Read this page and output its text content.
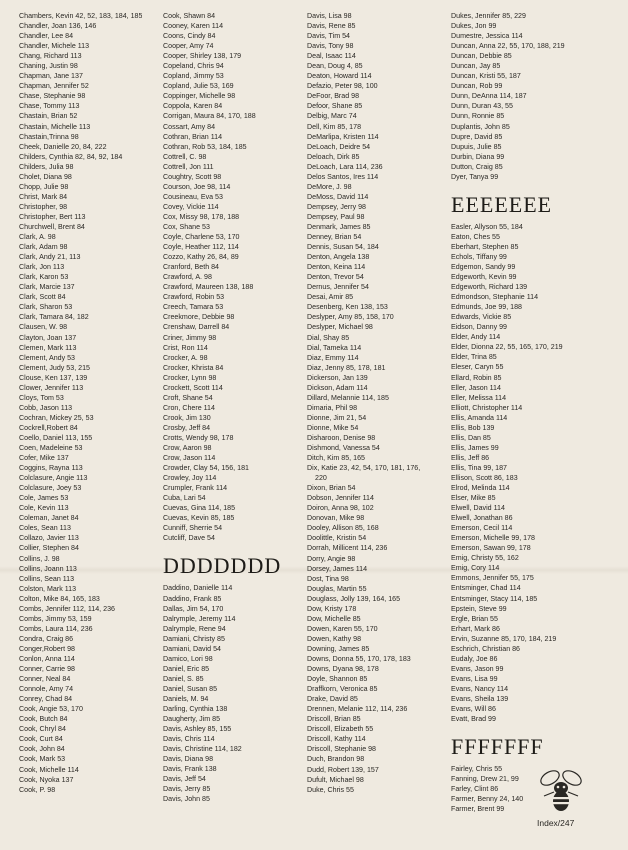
Chambers, Kevin 42, 52, 183, 184, 185
Chandler, Joan 136, 146
Chandler, Lee 84
Chandler, Michele 113
Chang, Richard 113
Chaning, Justin 98
Chapman, Jane 137
Chapman, Jennifer 52
Chase, Stephanie 98
Chase, Tommy 113
Chastain, Brian 52
Chastain, Michelle 113
Chastain,Trinna 98
Cheek, Danielle 20, 84, 222
Childers, Cynthia 82, 84, 92, 184
Childers, Julia 98
Cholet, Diana 98
Chopp, Julie 98
Christ, Mark 84
Christopher, 98
Christopher, Bert 113
Churchwell, Brent 84
Clark, A. 98
Clark, Adam 98
Clark, Andy 21, 113
Clark, Jon 113
Clark, Karon 53
Clark, Marcie 137
Clark, Scott 84
Clark, Sharon 53
Clark, Tamara 84, 182
Clausen, W. 98
Clayton, Joan 137
Clemen, Mark 113
Clement, Andy 53
Clement, Judy 53, 215
Clouse, Ken 137, 139
Clower, Jennifer 113
Cloys, Tom 53
Cobb, Jason 113
Cochran, Mickey 25, 53
Cockrell,Robert 84
Coello, Daniel 113, 155
Coen, Madeleine 53
Cofer, Mike 137
Coggins, Rayna 113
Colclasure, Angie 113
Colclasure, Joey 53
Cole, James 53
Cole, Kevin 113
Coleman, Janet 84
Coles, Sean 113
Collazo, Javier 113
Collier, Stephen 84
Collins, J. 98
Collins, Joann 113
Collins, Sean 113
Colston, Mark 113
Colton, Mike 84, 165, 183
Combs, Jennifer 112, 114, 236
Combs, Jimmy 53, 159
Combs, Laura 114, 236
Condra, Craig 86
Conger,Robert 98
Conlon, Anna 114
Conner, Carrie 98
Conner, Neal 84
Connole, Amy 74
Conrey, Chad 84
Cook, Angie 53, 170
Cook, Butch 84
Cook, Chryl 84
Cook, Curt 84
Cook, John 84
Cook, Mark 53
Cook, Michelle 114
Cook, Nyoka 137
Cook, P. 98
Cook, Shawn 84
Cooney, Karen 114
Coons, Cindy 84
Cooper, Amy 74
Cooper, Shirley 138, 179
Copeland, Chris 94
Copland, Jimmy 53
Copland, Julie 53, 169
Coppinger, Michelle 98
Coppola, Karen 84
Corrigan, Maura 84, 170, 188
Cossart, Amy 84
Cothran, Brian 114
Cothran, Rob 53, 184, 185
Cottrell, C. 98
Cottrell, Jon 111
Coughtry, Scott 98
Courson, Joe 98, 114
Cousineau, Eva 53
Covey, Vickie 114
Cox, Missy 98, 178, 188
Cox, Shane 53
Coyle, Charlene 53, 170
Coyle, Heather 112, 114
Cozzo, Kathy 26, 84, 89
Cranford, Beth 84
Crawford, A. 98
Crawford, Maureen 138, 188
Crawford, Robin 53
Creech, Tamara 53
Creekmore, Debbie 98
Crenshaw, Darrell 84
Criner, Jimmy 98
Crist, Ron 114
Crocker, A. 98
Crocker, Khrista 84
Crocker, Lynn 98
Crockett, Scott 114
Croft, Shane 54
Cron, Chere 114
Crook, Jim 130
Crosby, Jeff 84
Crotts, Wendy 98, 178
Crow, Aaron 98
Crow, Jason 114
Crowder, Clay 54, 156, 181
Crowley, Joy 114
Crumpler, Frank 114
Cuba, Lari 54
Cuevas, Gina 114, 185
Cuevas, Kevin 85, 185
Cunniff, Sherrie 54
Cutcliff, Dave 54
DDDDDDD
Daddino, Danielle 114
Daddino, Frank 85
Dallas, Jim 54, 170
Dalrymple, Jeremy 114
Dalrymple, Rene 94
Damiani, Christy 85
Damiani, David 54
Damico, Lori 98
Daniel, Eric 85
Daniel, S. 85
Daniel, Susan 85
Daniels, M. 94
Darling, Cynthia 138
Daugherty, Jim 85
Davis, Ashley 85, 155
Davis, Chris 114
Davis, Christine 114, 182
Davis, Diana 98
Davis, Frank 138
Davis, Jeff 54
Davis, Jerry 85
Davis, John 85
Davis, Lisa 98
Davis, Rene 85
Davis, Tim 54
Davis, Tony 98
Deal, Isaac 114
Dean, Doug 4, 85
Deaton, Howard 114
Defazio, Peter 98, 100
DeFoor, Brad 98
Defoor, Shane 85
Delbig, Marc 74
Dell, Kim 85, 178
DeMarlipa, Kristen 114
DeLoach, Deidre 54
Deloach, Dirk 85
DeLoach, Lara 114, 236
Delos Santos, Ires 114
DeMore, J. 98
DeMoss, David 114
Dempsey, Jerry 98
Dempsey, Paul 98
Denmark, James 85
Denney, Brian 54
Dennis, Susan 54, 184
Denton, Angela 138
Denton, Keina 114
Denton, Trevor 54
Dernus, Jennifer 54
Desai, Amir 85
Desenberg, Ken 138, 153
Deslyper, Amy 85, 158, 170
Deslyper, Michael 98
Dial, Shay 85
Dial, Tameka 114
Diaz, Emmy 114
Diaz, Jenny 85, 178, 181
Dickerson, Jan 139
Dickson, Adam 114
Dillard, Melannie 114, 185
Dimaria, Phil 98
Dionne, Jim 21, 54
Dionne, Mike 54
Disharoon, Denise 98
Dishmond, Vanessa 54
Ditch, Kim 85, 165
Dix, Katie 23, 42, 54, 170, 181, 176,
220
Dixon, Brian 54
Dobson, Jennifer 114
Doiron, Anna 98, 102
Donovan, Mike 98
Dooley, Allison 85, 168
Doolittle, Kristin 54
Dorrah, Millicent 114, 236
Dorry, Angie 98
Dorsey, James 114
Dost, Tina 98
Douglas, Martin 55
Douglass, Jolly 139, 164, 165
Dow, Kristy 178
Dow, Michelle 85
Dowen, Karen 55, 170
Dowen, Kathy 98
Downing, James 85
Downs, Donna 55, 170, 178, 183
Downs, Dyana 98, 178
Doyle, Shannon 85
Draffkorn, Veronica 85
Drake, David 85
Drennen, Melanie 112, 114, 236
Driscoll, Brian 85
Driscoll, Elizabeth 55
Driscoll, Kathy 114
Driscoll, Stephanie 98
Duch, Brandon 98
Dudd, Robert 139, 157
Dufult, Michael 98
Duke, Chris 55
Dukes, Jennifer 85, 229
Dukes, Jon 99
Dumestre, Jessica 114
Duncan, Anna 22, 55, 170, 188, 219
Duncan, Debbie 85
Duncan, Jay 85
Duncan, Kristi 55, 187
Duncan, Rob 99
Dunn, DeAnna 114, 187
Dunn, Duran 43, 55
Dunn, Ronnie 85
Duplantis, John 85
Dupre, David 85
Dupuis, Julie 85
Durbin, Diana 99
Dutton, Craig 85
Dyer, Tanya 99
EEEEEEE
Easler, Allyson 55, 184
Eaton, Ches 55
Eberhart, Stephen 85
Echols, Tiffany 99
Edgemon, Sandy 99
Edgeworth, Kevin 99
Edgeworth, Richard 139
Edmondson, Stephanie 114
Edmunds, Joe 99, 188
Edwards, Vickie 85
Eidson, Danny 99
Elder, Andy 114
Elder, Dionna 22, 55, 165, 170, 219
Elder, Trina 85
Eleser, Caryn 55
Ellard, Robin 85
Eller, Jason 114
Eller, Melissa 114
Elliott, Christopher 114
Ellis, Amanda 114
Ellis, Bob 139
Ellis, Dan 85
Ellis, James 99
Ellis, Jeff 86
Ellis, Tina 99, 187
Ellison, Scott 86, 183
Elrod, Melinda 114
Elser, Mike 85
Elwell, David 114
Elwell, Jonathan 86
Emerson, Cecil 114
Emerson, Michelle 99, 178
Emerson, Sawan 99, 178
Emig, Christy 55, 162
Emig, Cory 114
Emmons, Jennifer 55, 175
Entsminger, Chad 114
Entsminger, Stacy 114, 185
Epstein, Steve 99
Ergle, Brian 55
Erhart, Mark 86
Ervin, Suzanne 85, 170, 184, 219
Eschrich, Christian 86
Eudaly, Joe 86
Evans, Jason 99
Evans, Lisa 99
Evans, Nancy 114
Evans, Sheila 139
Evans, Will 86
Evatt, Brad 99
FFFFFFF
Fairley, Chris 55
Fanning, Drew 21, 99
Farley, Clint 86
Farmer, Benny 24, 140
Farmer, Brent 99
Index/247
